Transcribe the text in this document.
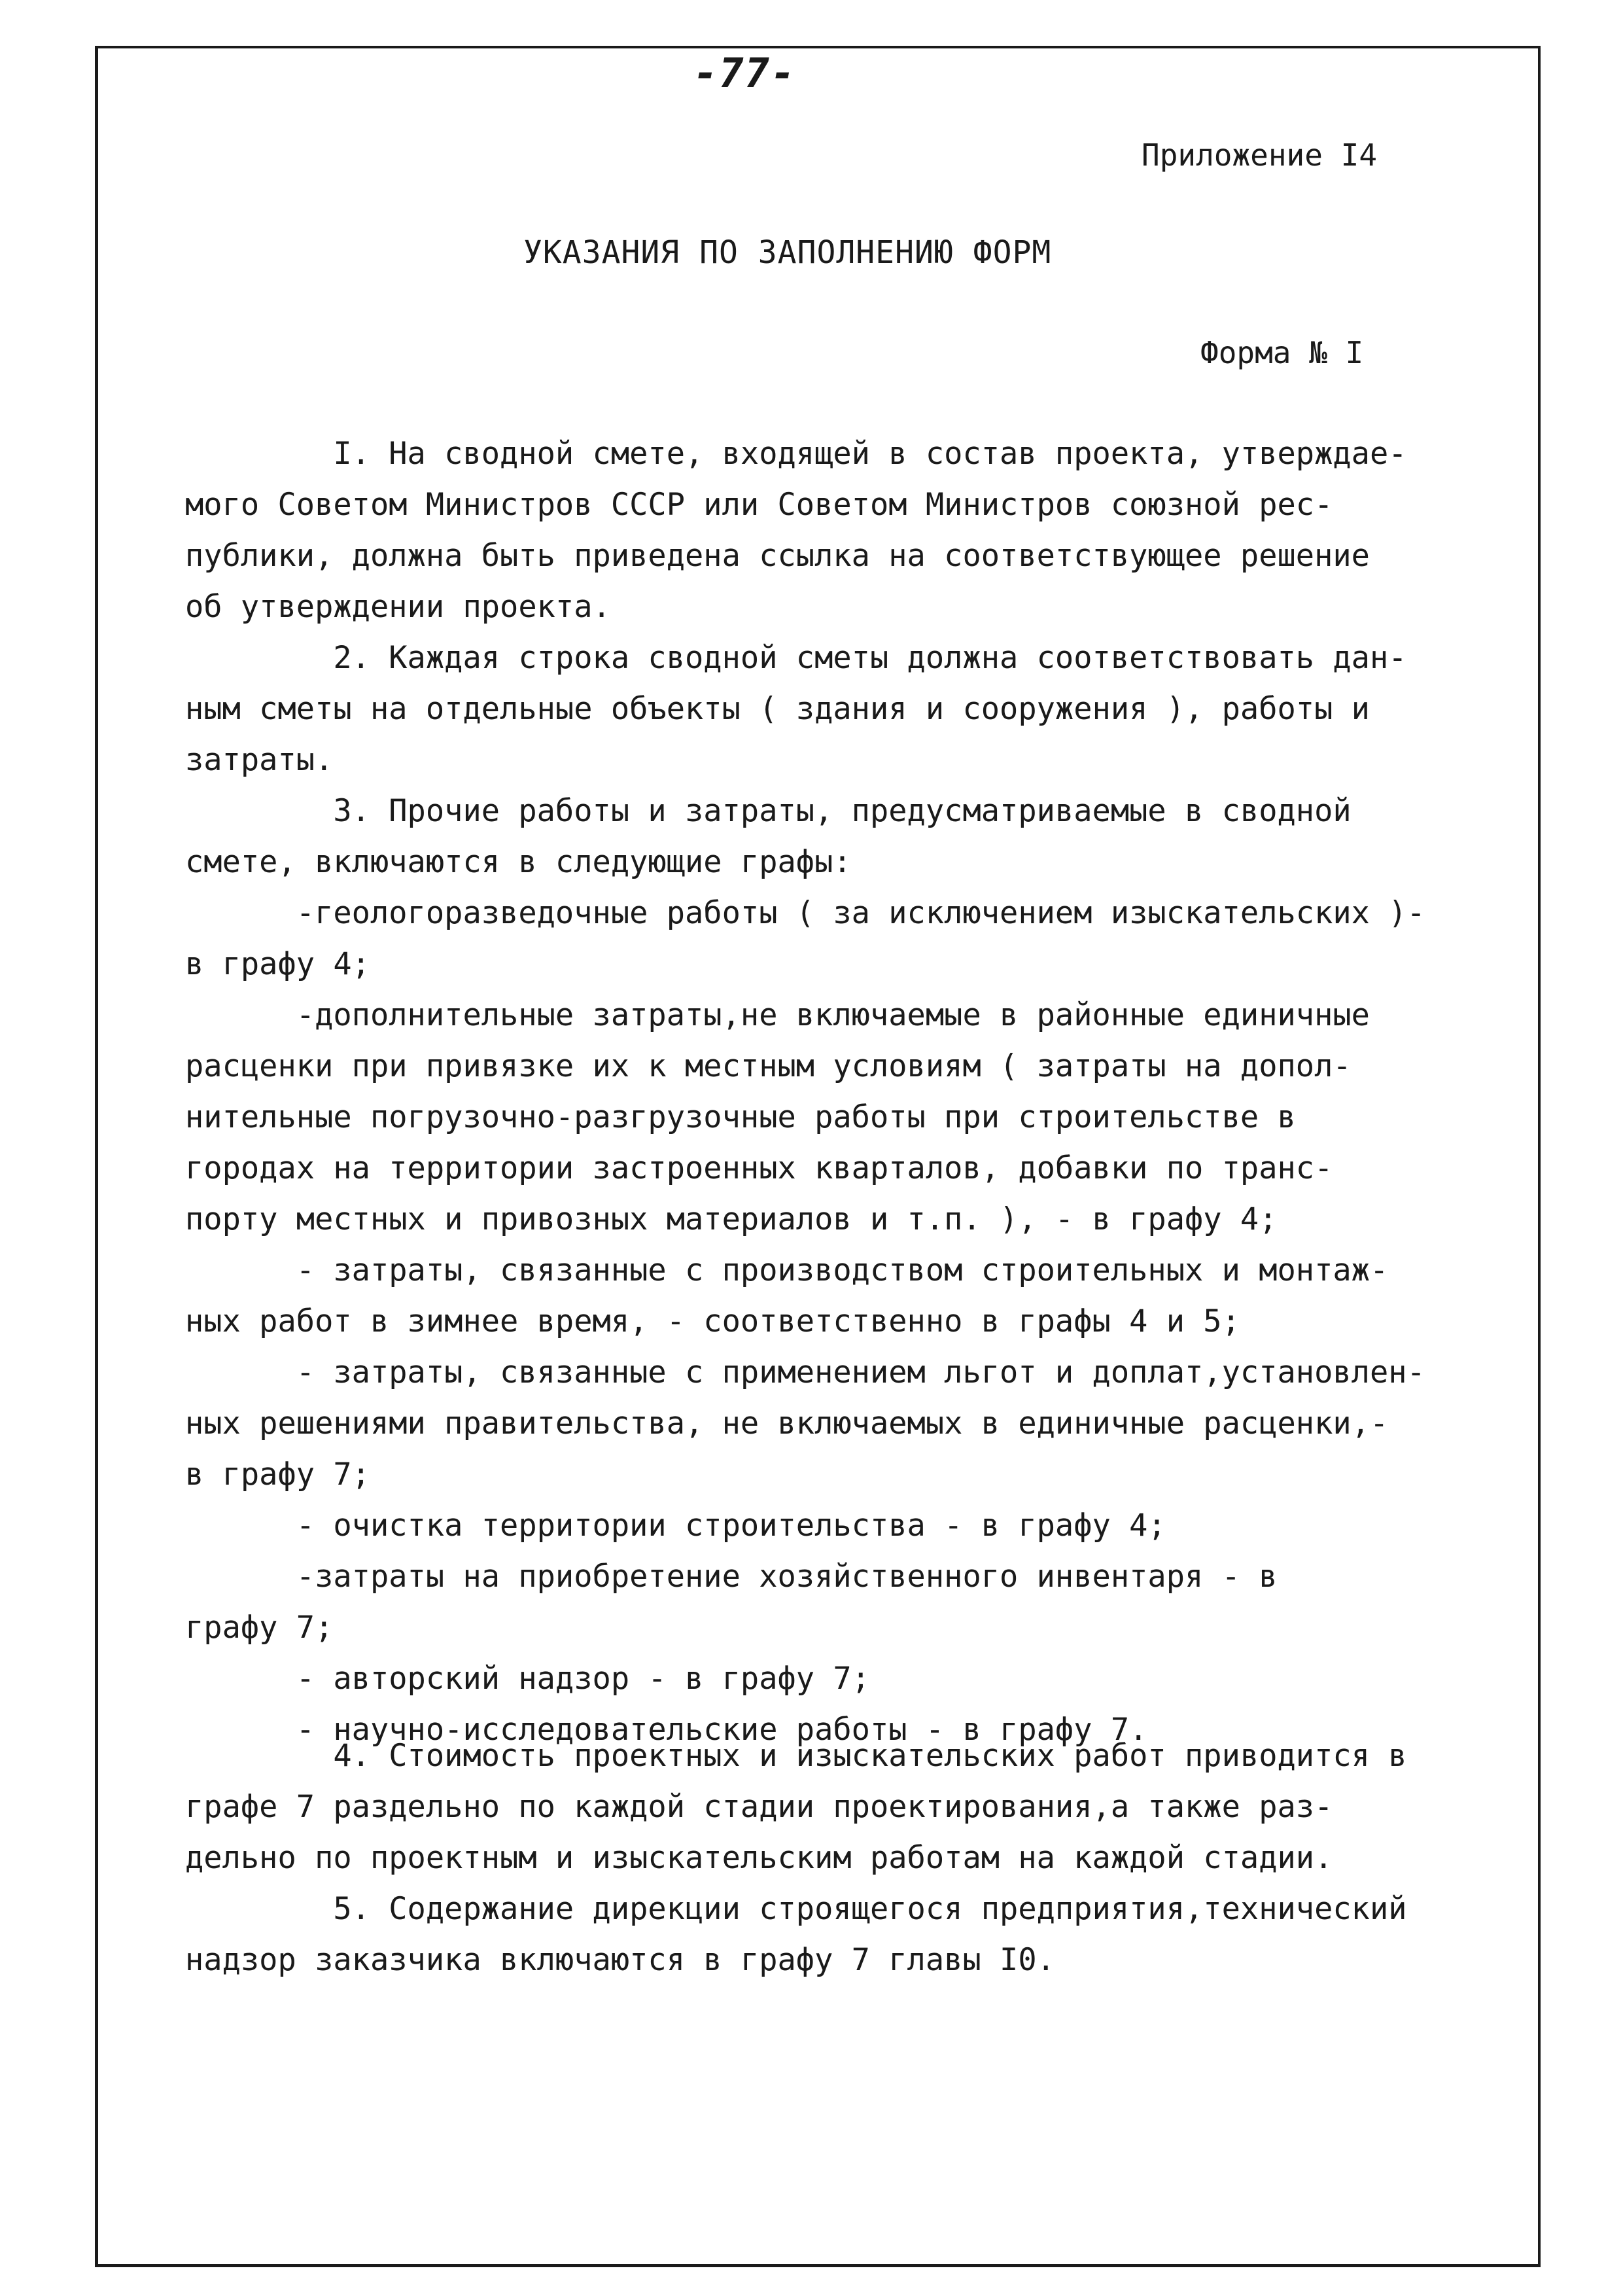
-77-
Приложение I4
УКАЗАНИЯ ПО ЗАПОЛНЕНИЮ ФОРМ
Форма № I
I. На сводной смете, входящей в состав проекта, утверждае-
мого Советом Министров СССР или Советом Министров союзной рес-
публики, должна быть приведена ссылка на соответствующее решение
об утверждении проекта.
2. Каждая строка сводной сметы должна соответствовать дан-
ным сметы на отдельные объекты ( здания и сооружения ), работы и
затраты.
3. Прочие работы и затраты, предусматриваемые в сводной
смете, включаются в следующие графы:
-геологоразведочные работы ( за исключением изыскательских )-
в графу 4;
-дополнительные затраты,не включаемые в районные единичные
расценки при привязке их к местным условиям ( затраты на допол-
нительные погрузочно-разгрузочные работы при строительстве в
городах на территории застроенных кварталов, добавки по транс-
порту местных и привозных материалов и т.п. ), - в графу 4;
- затраты, связанные с производством строительных и монтаж-
ных работ в зимнее время, - соответственно в графы 4 и 5;
- затраты, связанные с применением льгот и доплат,установлен-
ных решениями правительства, не включаемых в единичные расценки,-
в графу 7;
- очистка территории строительства - в графу 4;
-затраты на приобретение хозяйственного инвентаря - в
графу 7;
- авторский надзор - в графу 7;
- научно-исследовательские работы - в графу 7.
4. Стоимость проектных и изыскательских работ приводится в
графе 7 раздельно по каждой стадии проектирования,а также раз-
дельно по проектным и изыскательским работам на каждой стадии.
5. Содержание дирекции строящегося предприятия,технический
надзор заказчика включаются в графу 7 главы I0.
